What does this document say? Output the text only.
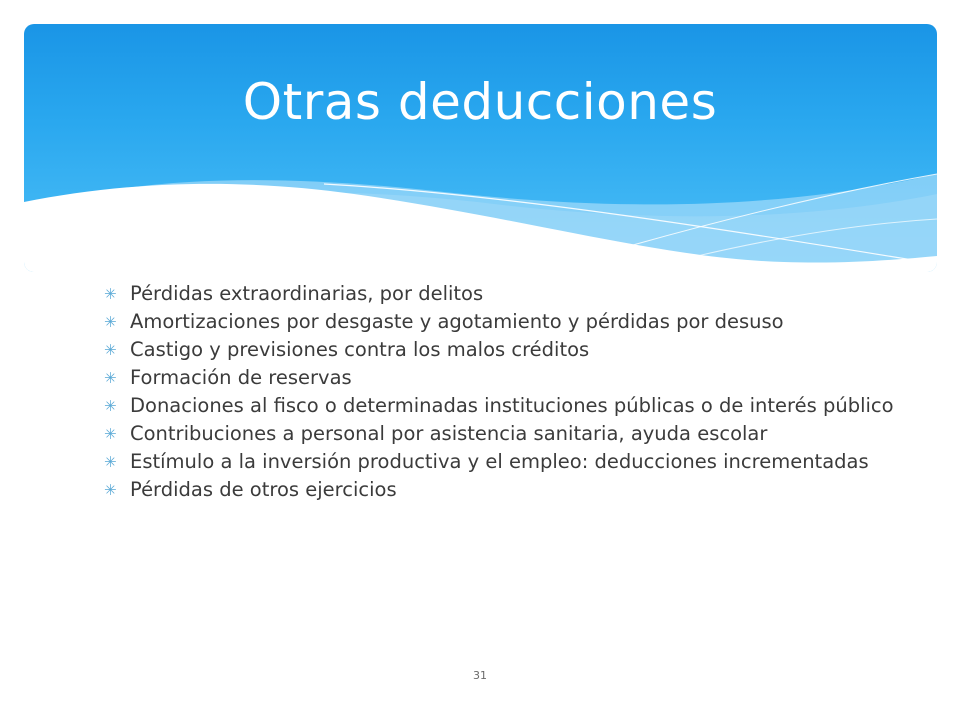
Otras deducciones
✳ Pérdidas extraordinarias, por delitos
✳ Amortizaciones por desgaste y agotamiento y pérdidas por desuso
✳ Castigo y previsiones contra los malos créditos
✳ Formación de reservas
✳ Donaciones al fisco o determinadas instituciones públicas o de interés público
✳ Contribuciones a personal por asistencia sanitaria, ayuda escolar
✳ Estímulo a la inversión productiva y el empleo: deducciones incrementadas
✳ Pérdidas de otros ejercicios
31
